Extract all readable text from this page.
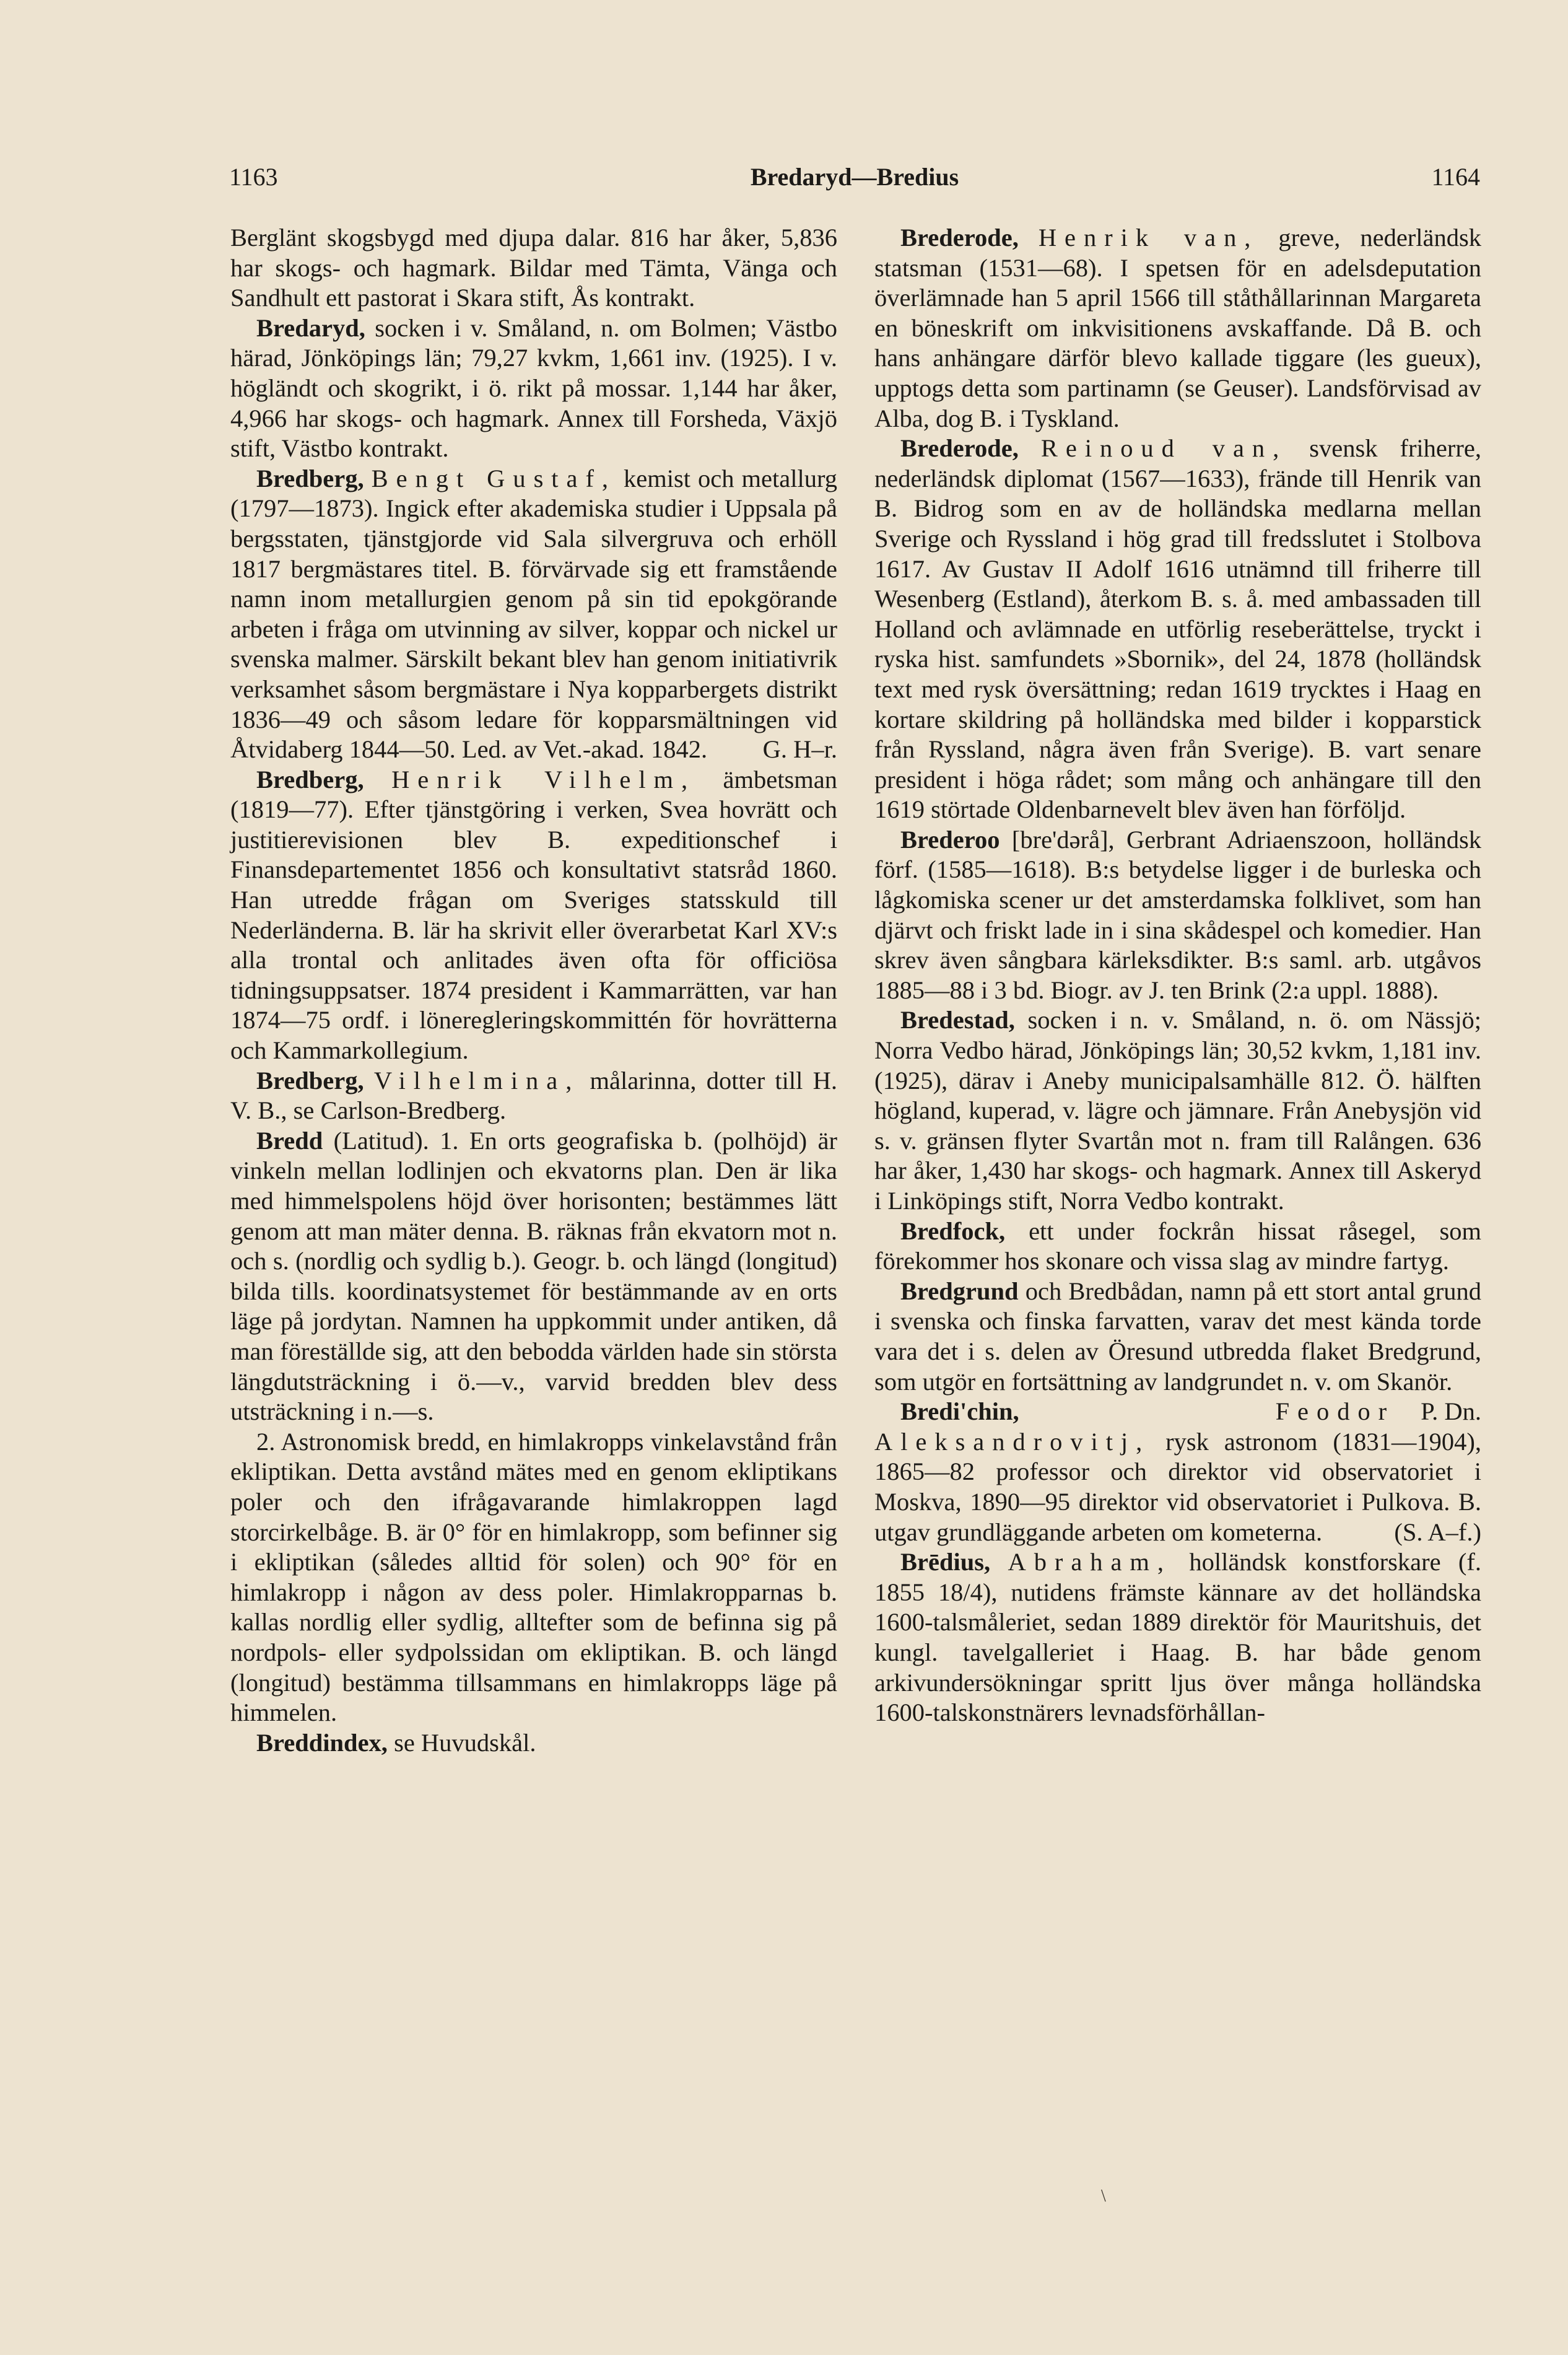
1163	Bredaryd—Bredius	1164

Berglänt skogsbygd med djupa dalar. 816 har åker, 5,836 har skogs- och hagmark. Bildar med Tämta, Vänga och Sandhult ett pastorat i Skara stift, Ås kontrakt.

Bredaryd, socken i v. Småland, n. om Bolmen; Västbo härad, Jönköpings län; 79,27 kvkm, 1,661 inv. (1925). I v. högländt och skogrikt, i ö. rikt på mossar. 1,144 har åker, 4,966 har skogs- och hagmark. Annex till Forsheda, Växjö stift, Västbo kontrakt.

Bredberg, Bengt Gustaf, kemist och metallurg (1797—1873). Ingick efter akademiska studier i Uppsala på bergsstaten, tjänstgjorde vid Sala silvergruva och erhöll 1817 bergmästares titel. B. förvärvade sig ett framstående namn inom metallurgien genom på sin tid epokgörande arbeten i fråga om utvinning av silver, koppar och nickel ur svenska malmer. Särskilt bekant blev han genom initiativrik verksamhet såsom bergmästare i Nya kopparbergets distrikt 1836—49 och såsom ledare för kopparsmältningen vid Åtvidaberg 1844—50. Led. av Vet.-akad. 1842.	G. H–r.

Bredberg, Henrik Vilhelm, ämbetsman (1819—77). Efter tjänstgöring i verken, Svea hovrätt och justitierevisionen blev B. expeditionschef i Finansdepartementet 1856 och konsultativt statsråd 1860. Han utredde frågan om Sveriges statsskuld till Nederländerna. B. lär ha skrivit eller överarbetat Karl XV:s alla trontal och anlitades även ofta för officiösa tidningsuppsatser. 1874 president i Kammarrätten, var han 1874—75 ordf. i löneregleringskommittén för hovrätterna och Kammarkollegium.

Bredberg, Vilhelmina, målarinna, dotter till H. V. B., se Carlson-Bredberg.

Bredd (Latitud). 1. En orts geografiska b. (polhöjd) är vinkeln mellan lodlinjen och ekvatorns plan. Den är lika med himmelspolens höjd över horisonten; bestämmes lätt genom att man mäter denna. B. räknas från ekvatorn mot n. och s. (nordlig och sydlig b.). Geogr. b. och längd (longitud) bilda tills. koordinatsystemet för bestämmande av en orts läge på jordytan. Namnen ha uppkommit under antiken, då man föreställde sig, att den bebodda världen hade sin största längdutsträckning i ö.—v., varvid bredden blev dess utsträckning i n.—s.

2. Astronomisk bredd, en himlakropps vinkelavstånd från ekliptikan. Detta avstånd mätes med en genom ekliptikans poler och den ifrågavarande himlakroppen lagd storcirkelbåge. B. är 0° för en himlakropp, som befinner sig i ekliptikan (således alltid för solen) och 90° för en himlakropp i någon av dess poler. Himlakropparnas b. kallas nordlig eller sydlig, alltefter som de befinna sig på nordpols- eller sydpolssidan om ekliptikan. B. och längd (longitud) bestämma tillsammans en himlakropps läge på himmelen.

Breddindex, se Huvudskål.

Brederode, Henrik van, greve, nederländsk statsman (1531—68). I spetsen för en adelsdeputation överlämnade han 5 april 1566 till ståthållarinnan Margareta en böneskrift om inkvisitionens avskaffande. Då B. och hans anhängare därför blevo kallade tiggare (les gueux), upptogs detta som partinamn (se Geuser). Landsförvisad av Alba, dog B. i Tyskland.

Brederode, Reinoud van, svensk friherre, nederländsk diplomat (1567—1633), frände till Henrik van B. Bidrog som en av de holländska medlarna mellan Sverige och Ryssland i hög grad till fredsslutet i Stolbova 1617. Av Gustav II Adolf 1616 utnämnd till friherre till Wesenberg (Estland), återkom B. s. å. med ambassaden till Holland och avlämnade en utförlig reseberättelse, tryckt i ryska hist. samfundets »Sbornik», del 24, 1878 (holländsk text med rysk översättning; redan 1619 trycktes i Haag en kortare skildring på holländska med bilder i kopparstick från Ryssland, några även från Sverige). B. vart senare president i höga rådet; som mång och anhängare till den 1619 störtade Oldenbarnevelt blev även han förföljd.

Brederoo [bre'dərå], Gerbrant Adriaenszoon, holländsk förf. (1585—1618). B:s betydelse ligger i de burleska och lågkomiska scener ur det amsterdamska folklivet, som han djärvt och friskt lade in i sina skådespel och komedier. Han skrev även sångbara kärleksdikter. B:s saml. arb. utgåvos 1885—88 i 3 bd. Biogr. av J. ten Brink (2:a uppl. 1888).

Bredestad, socken i n. v. Småland, n. ö. om Nässjö; Norra Vedbo härad, Jönköpings län; 30,52 kvkm, 1,181 inv. (1925), därav i Aneby municipalsamhälle 812. Ö. hälften högland, kuperad, v. lägre och jämnare. Från Anebysjön vid s. v. gränsen flyter Svartån mot n. fram till Ralången. 636 har åker, 1,430 har skogs- och hagmark. Annex till Askeryd i Linköpings stift, Norra Vedbo kontrakt.

Bredfock, ett under fockrån hissat råsegel, som förekommer hos skonare och vissa slag av mindre fartyg.

Bredgrund och Bredbådan, namn på ett stort antal grund i svenska och finska farvatten, varav det mest kända torde vara det i s. delen av Öresund utbredda flaket Bredgrund, som utgör en fortsättning av landgrundet n. v. om Skanör.
P. Dn.

Bredi'chin,	Feodor Aleksandrovitj, rysk astronom (1831—1904), 1865—82 professor och direktor vid observatoriet i Moskva, 1890—95 direktor vid observatoriet i Pulkova. B. utgav grundläggande arbeten om kometerna.	(S. A–f.)

Brēdius, Abraham, holländsk konstforskare (f. 1855 18/4), nutidens främste kännare av det holländska 1600-talsmåleriet, sedan 1889 direktör för Mauritshuis, det kungl. tavelgalleriet i Haag. B. har både genom arkivundersökningar spritt ljus över många holländska 1600-talskonstnärers levnadsförhållan-

\
